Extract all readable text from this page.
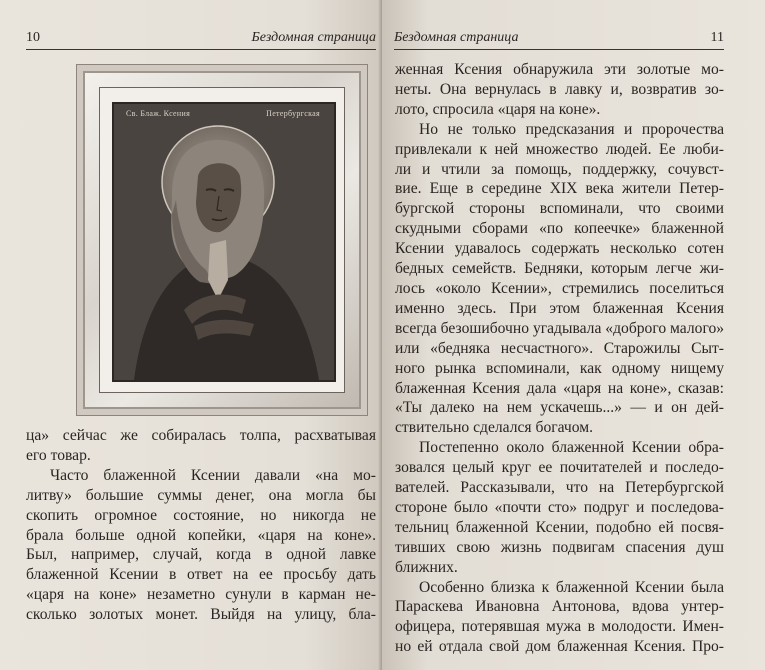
10	Бездомная страница
Св. Блаж. Ксения	Петербургская
ца» сейчас же собиралась толпа, расхватывая
его товар.
Часто блаженной Ксении давали «на мо-
литву» большие суммы денег, она могла бы
скопить огромное состояние, но никогда не
брала больше одной копейки, «царя на коне».
Был, например, случай, когда в одной лавке
блаженной Ксении в ответ на ее просьбу дать
«царя на коне» незаметно сунули в карман не-
сколько золотых монет. Выйдя на улицу, бла-
Бездомная страница	11
женная Ксения обнаружила эти золотые мо-
неты. Она вернулась в лавку и, возвратив зо-
лото, спросила «царя на коне».
Но не только предсказания и пророчества
привлекали к ней множество людей. Ее люби-
ли и чтили за помощь, поддержку, сочувст-
вие. Еще в середине XIX века жители Петер-
бургской стороны вспоминали, что своими
скудными сборами «по копеечке» блаженной
Ксении удавалось содержать несколько сотен
бедных семейств. Бедняки, которым легче жи-
лось «около Ксении», стремились поселиться
именно здесь. При этом блаженная Ксения
всегда безошибочно угадывала «доброго малого»
или «бедняка несчастного». Старожилы Сыт-
ного рынка вспоминали, как одному нищему
блаженная Ксения дала «царя на коне», сказав:
«Ты далеко на нем ускачешь...» — и он дей-
ствительно сделался богачом.
Постепенно около блаженной Ксении обра-
зовался целый круг ее почитателей и последо-
вателей. Рассказывали, что на Петербургской
стороне было «почти сто» подруг и последова-
тельниц блаженной Ксении, подобно ей посвя-
тивших свою жизнь подвигам спасения душ
ближних.
Особенно близка к блаженной Ксении была
Параскева Ивановна Антонова, вдова унтер-
офицера, потерявшая мужа в молодости. Имен-
но ей отдала свой дом блаженная Ксения. Про-
